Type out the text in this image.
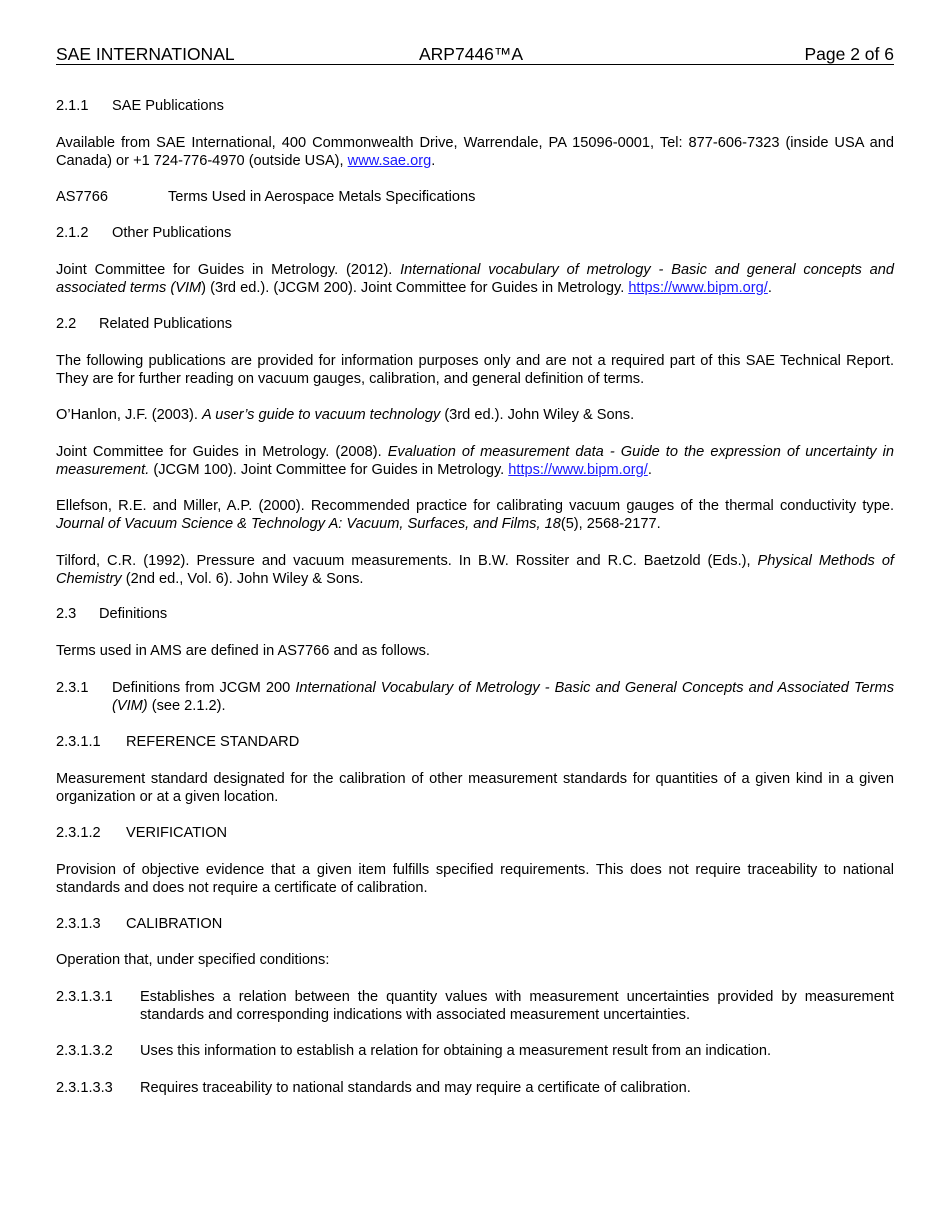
SAE INTERNATIONAL	ARP7446™A	Page 2 of 6
2.1.1 SAE Publications
Available from SAE International, 400 Commonwealth Drive, Warrendale, PA 15096-0001, Tel: 877-606-7323 (inside USA and Canada) or +1 724-776-4970 (outside USA), www.sae.org.
AS7766	Terms Used in Aerospace Metals Specifications
2.1.2 Other Publications
Joint Committee for Guides in Metrology. (2012). International vocabulary of metrology - Basic and general concepts and associated terms (VIM) (3rd ed.). (JCGM 200). Joint Committee for Guides in Metrology. https://www.bipm.org/.
2.2 Related Publications
The following publications are provided for information purposes only and are not a required part of this SAE Technical Report. They are for further reading on vacuum gauges, calibration, and general definition of terms.
O’Hanlon, J.F. (2003). A user’s guide to vacuum technology (3rd ed.). John Wiley & Sons.
Joint Committee for Guides in Metrology. (2008). Evaluation of measurement data - Guide to the expression of uncertainty in measurement. (JCGM 100). Joint Committee for Guides in Metrology. https://www.bipm.org/.
Ellefson, R.E. and Miller, A.P. (2000). Recommended practice for calibrating vacuum gauges of the thermal conductivity type. Journal of Vacuum Science & Technology A: Vacuum, Surfaces, and Films, 18(5), 2568-2177.
Tilford, C.R. (1992). Pressure and vacuum measurements. In B.W. Rossiter and R.C. Baetzold (Eds.), Physical Methods of Chemistry (2nd ed., Vol. 6). John Wiley & Sons.
2.3 Definitions
Terms used in AMS are defined in AS7766 and as follows.
2.3.1 Definitions from JCGM 200 International Vocabulary of Metrology - Basic and General Concepts and Associated Terms (VIM) (see 2.1.2).
2.3.1.1 REFERENCE STANDARD
Measurement standard designated for the calibration of other measurement standards for quantities of a given kind in a given organization or at a given location.
2.3.1.2 VERIFICATION
Provision of objective evidence that a given item fulfills specified requirements. This does not require traceability to national standards and does not require a certificate of calibration.
2.3.1.3 CALIBRATION
Operation that, under specified conditions:
2.3.1.3.1 Establishes a relation between the quantity values with measurement uncertainties provided by measurement standards and corresponding indications with associated measurement uncertainties.
2.3.1.3.2 Uses this information to establish a relation for obtaining a measurement result from an indication.
2.3.1.3.3 Requires traceability to national standards and may require a certificate of calibration.
